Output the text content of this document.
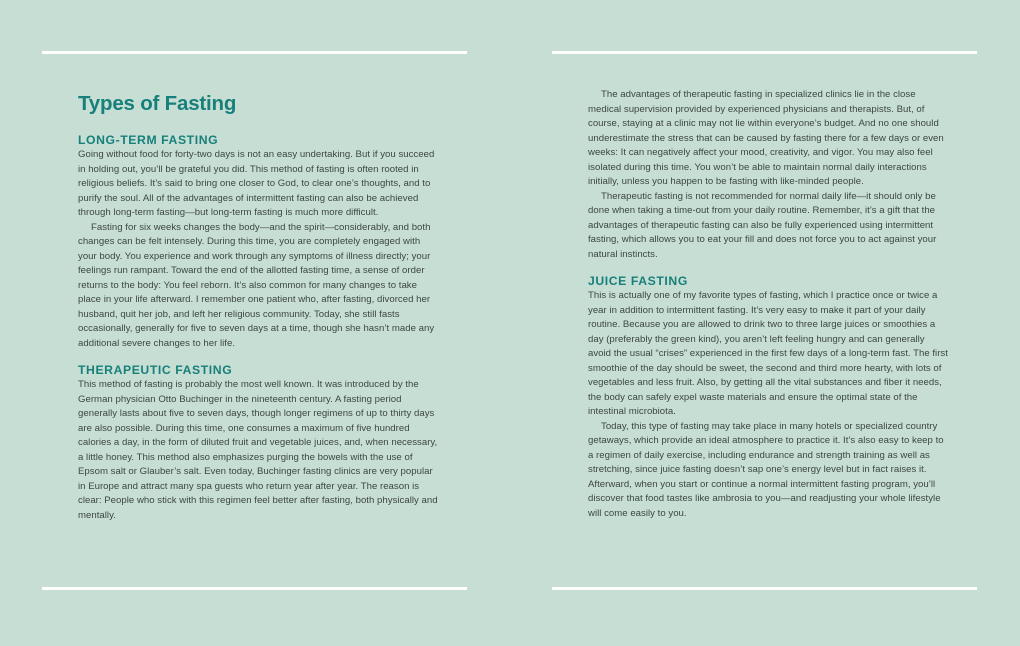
Types of Fasting
LONG-TERM FASTING

Going without food for forty-two days is not an easy undertaking. But if you succeed in holding out, you’ll be grateful you did. This method of fasting is often rooted in religious beliefs. It’s said to bring one closer to God, to clear one’s thoughts, and to purify the soul. All of the advantages of intermittent fasting can also be achieved through long-term fasting—but long-term fasting is much more difficult.

Fasting for six weeks changes the body—and the spirit—considerably, and both changes can be felt intensely. During this time, you are completely engaged with your body. You experience and work through any symptoms of illness directly; your feelings run rampant. Toward the end of the allotted fasting time, a sense of order returns to the body: You feel reborn. It’s also common for many changes to take place in your life afterward. I remember one patient who, after fasting, divorced her husband, quit her job, and left her religious community. Today, she still fasts occasionally, generally for five to seven days at a time, though she hasn’t made any additional severe changes to her life.

THERAPEUTIC FASTING

This method of fasting is probably the most well known. It was introduced by the German physician Otto Buchinger in the nineteenth century. A fasting period generally lasts about five to seven days, though longer regimens of up to thirty days are also possible. During this time, one consumes a maximum of five hundred calories a day, in the form of diluted fruit and vegetable juices, and, when necessary, a little honey. This method also emphasizes purging the bowels with the use of Epsom salt or Glauber’s salt. Even today, Buchinger fasting clinics are very popular in Europe and attract many spa guests who return year after year. The reason is clear: People who stick with this regimen feel better after fasting, both physically and mentally.

The advantages of therapeutic fasting in specialized clinics lie in the close medical supervision provided by experienced physicians and therapists. But, of course, staying at a clinic may not lie within everyone’s budget. And no one should underestimate the stress that can be caused by fasting there for a few days or even weeks: It can negatively affect your mood, creativity, and vigor. You may also feel isolated during this time. You won’t be able to maintain normal daily interactions initially, unless you happen to be fasting with like-minded people.

Therapeutic fasting is not recommended for normal daily life—it should only be done when taking a time-out from your daily routine. Remember, it’s a gift that the advantages of therapeutic fasting can also be fully experienced using intermittent fasting, which allows you to eat your fill and does not force you to act against your natural instincts.

JUICE FASTING

This is actually one of my favorite types of fasting, which I practice once or twice a year in addition to intermittent fasting. It’s very easy to make it part of your daily routine. Because you are allowed to drink two to three large juices or smoothies a day (preferably the green kind), you aren’t left feeling hungry and can generally avoid the usual “crises” experienced in the first few days of a long-term fast. The first smoothie of the day should be sweet, the second and third more hearty, with lots of vegetables and less fruit. Also, by getting all the vital substances and fiber it needs, the body can safely expel waste materials and ensure the optimal state of the intestinal microbiota.

Today, this type of fasting may take place in many hotels or specialized country getaways, which provide an ideal atmosphere to practice it. It’s also easy to keep to a regimen of daily exercise, including endurance and strength training as well as stretching, since juice fasting doesn’t sap one’s energy level but in fact raises it. Afterward, when you start or continue a normal intermittent fasting program, you’ll discover that food tastes like ambrosia to you—and readjusting your whole lifestyle will come easily to you.
